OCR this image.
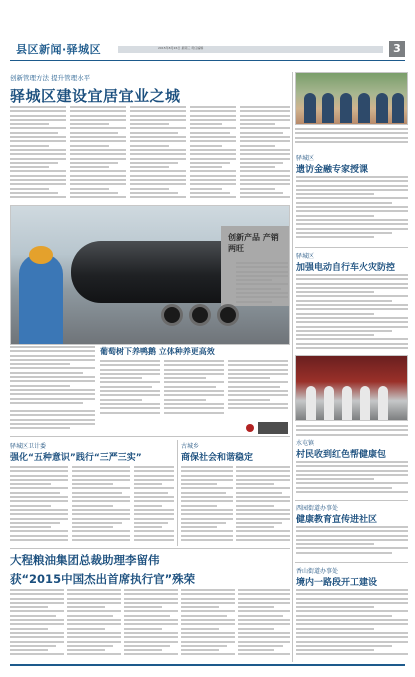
县区新闻·驿城区	2015年8月26日 星期三 责任编辑	3
创新管理方法 提升管理水平
驿城区建设宜居宜业之城
创新产品 产销两旺
驿城区
遗访金融专家授课
驿城区
加强电动自行车火灾防控
水屯镇
村民收到红色帮健康包
西园街道办事处
健康教育宣传进社区
香山街道办事处
境内一路段开工建设
葡萄树下养鸭鹅 立体种养更高效
驿城区卫计委
强化“五种意识”践行“三严三实”
古城乡
商保社会和谐稳定
大程粮油集团总裁助理李留伟
获“2015中国杰出首席执行官”殊荣
